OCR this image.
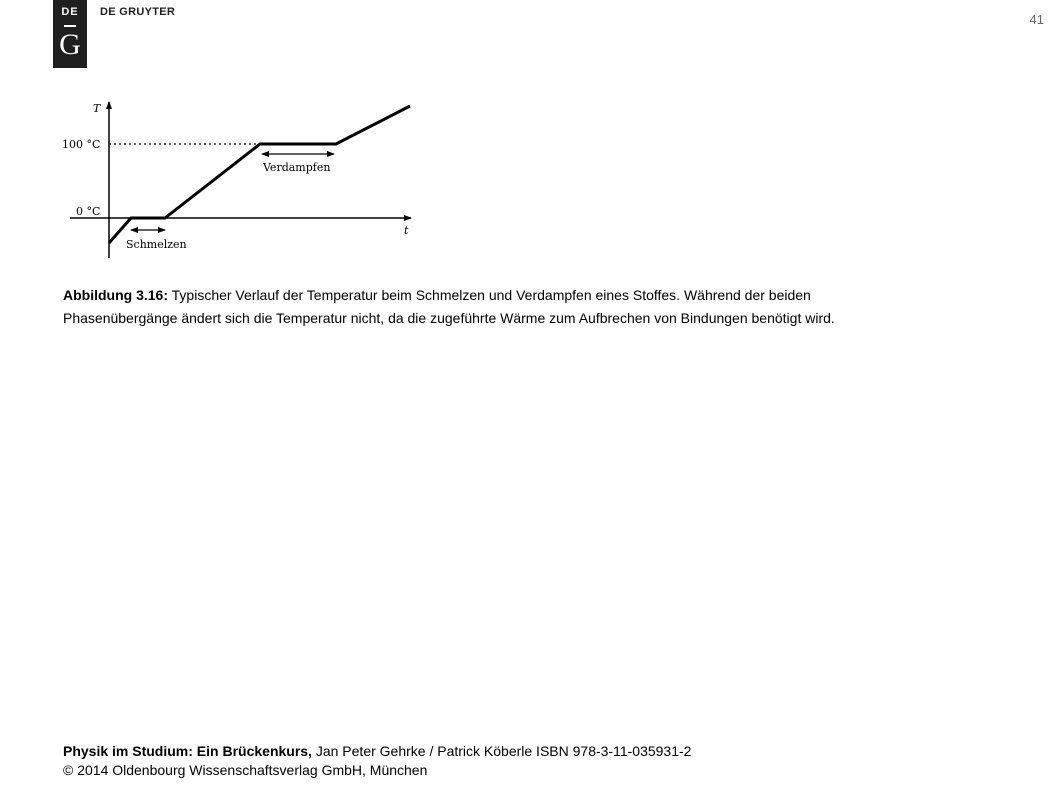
DE
G
DE GRUYTER	41
T
t
100 °C
0 °C
Verdampfen
Schmelzen
Abbildung 3.16: Typischer Verlauf der Temperatur beim Schmelzen und Verdampfen eines Stoffes. Während der beiden
Phasenübergänge ändert sich die Temperatur nicht, da die zugeführte Wärme zum Aufbrechen von Bindungen benötigt wird.
Physik im Studium: Ein Brückenkurs, Jan Peter Gehrke / Patrick Köberle ISBN 978-3-11-035931-2
© 2014 Oldenbourg Wissenschaftsverlag GmbH, München
